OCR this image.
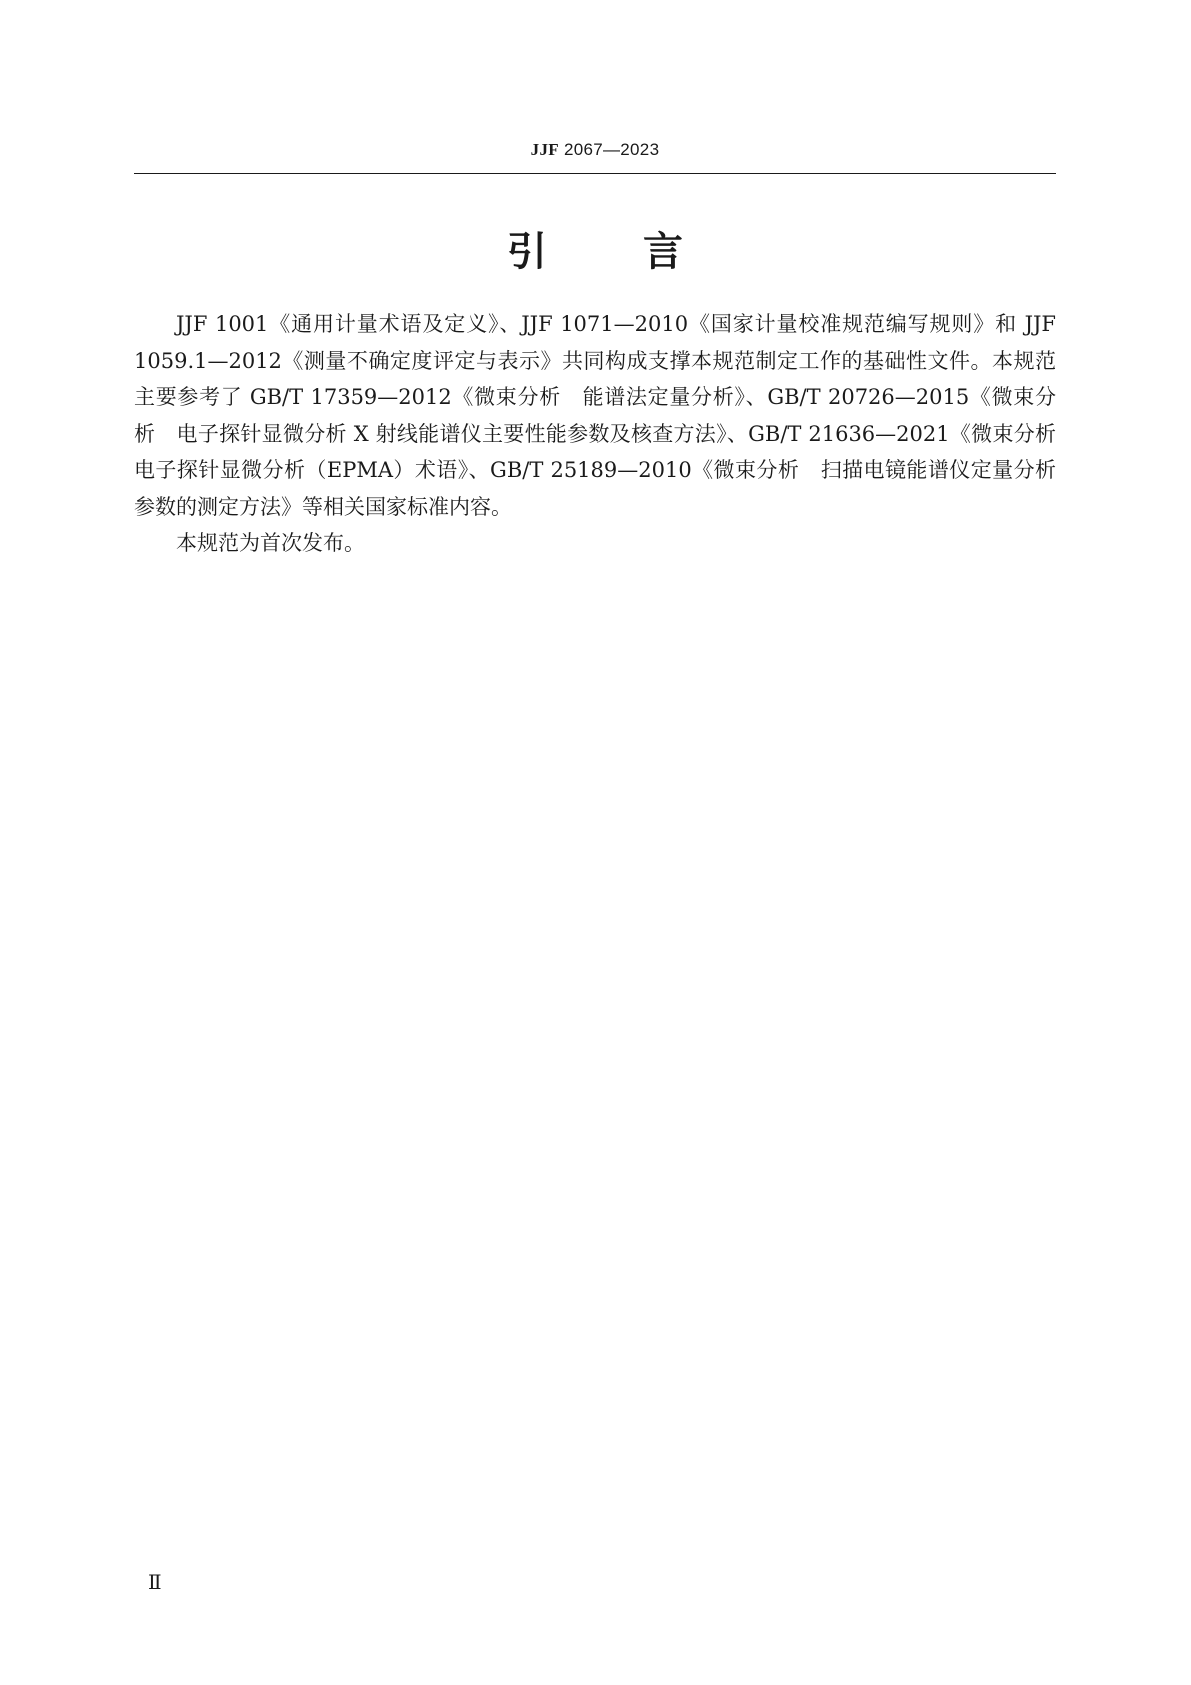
JJF 2067—2023
引 言

JJF 1001《通用计量术语及定义》、JJF 1071—2010《国家计量校准规范编写规则》和 JJF 1059.1—2012《测量不确定度评定与表示》共同构成支撑本规范制定工作的基础性文件。本规范主要参考了 GB/T 17359—2012《微束分析　能谱法定量分析》、GB/T 20726—2015《微束分析　电子探针显微分析 X 射线能谱仪主要性能参数及核查方法》、GB/T 21636—2021《微束分析　电子探针显微分析（EPMA）术语》、GB/T 25189—2010《微束分析　扫描电镜能谱仪定量分析参数的测定方法》等相关国家标准内容。

本规范为首次发布。

Ⅱ
